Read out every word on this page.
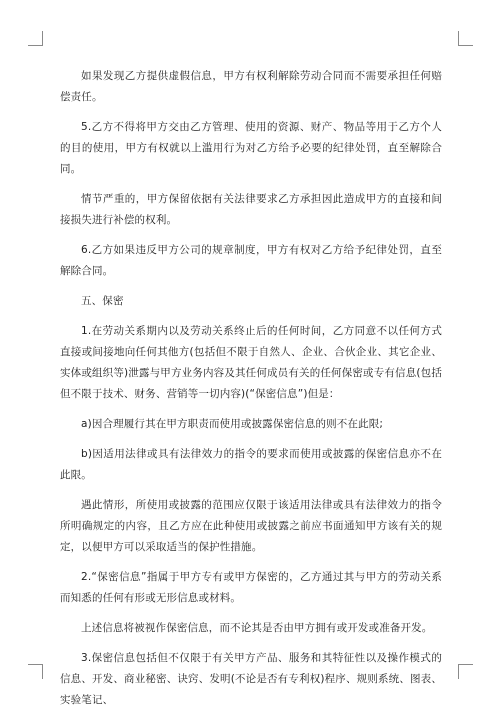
如果发现乙方提供虚假信息，甲方有权利解除劳动合同而不需要承担任何赔偿责任。

5.乙方不得将甲方交由乙方管理、使用的资源、财产、物品等用于乙方个人的目的使用，甲方有权就以上滥用行为对乙方给予必要的纪律处罚，直至解除合同。

情节严重的，甲方保留依据有关法律要求乙方承担因此造成甲方的直接和间接损失进行补偿的权利。

6.乙方如果违反甲方公司的规章制度，甲方有权对乙方给予纪律处罚，直至解除合同。

五、保密

1.在劳动关系期内以及劳动关系终止后的任何时间，乙方同意不以任何方式直接或间接地向任何其他方(包括但不限于自然人、企业、合伙企业、其它企业、实体或组织等)泄露与甲方业务内容及其任何成员有关的任何保密或专有信息(包括但不限于技术、财务、营销等一切内容)(“保密信息”)但是：

a)因合理履行其在甲方职责而使用或披露保密信息的则不在此限;

b)因适用法律或具有法律效力的指令的要求而使用或披露的保密信息亦不在此限。

遇此情形，所使用或披露的范围应仅限于该适用法律或具有法律效力的指令所明确规定的内容，且乙方应在此种使用或披露之前应书面通知甲方该有关的规定，以便甲方可以采取适当的保护性措施。

2.“保密信息”指属于甲方专有或甲方保密的，乙方通过其与甲方的劳动关系而知悉的任何有形或无形信息或材料。

上述信息将被视作保密信息，而不论其是否由甲方拥有或开发或准备开发。

3.保密信息包括但不仅限于有关甲方产品、服务和其特征性以及操作模式的信息、开发、商业秘密、诀窍、发明(不论是否有专利权)程序、规则系统、图表、实验笔记、
